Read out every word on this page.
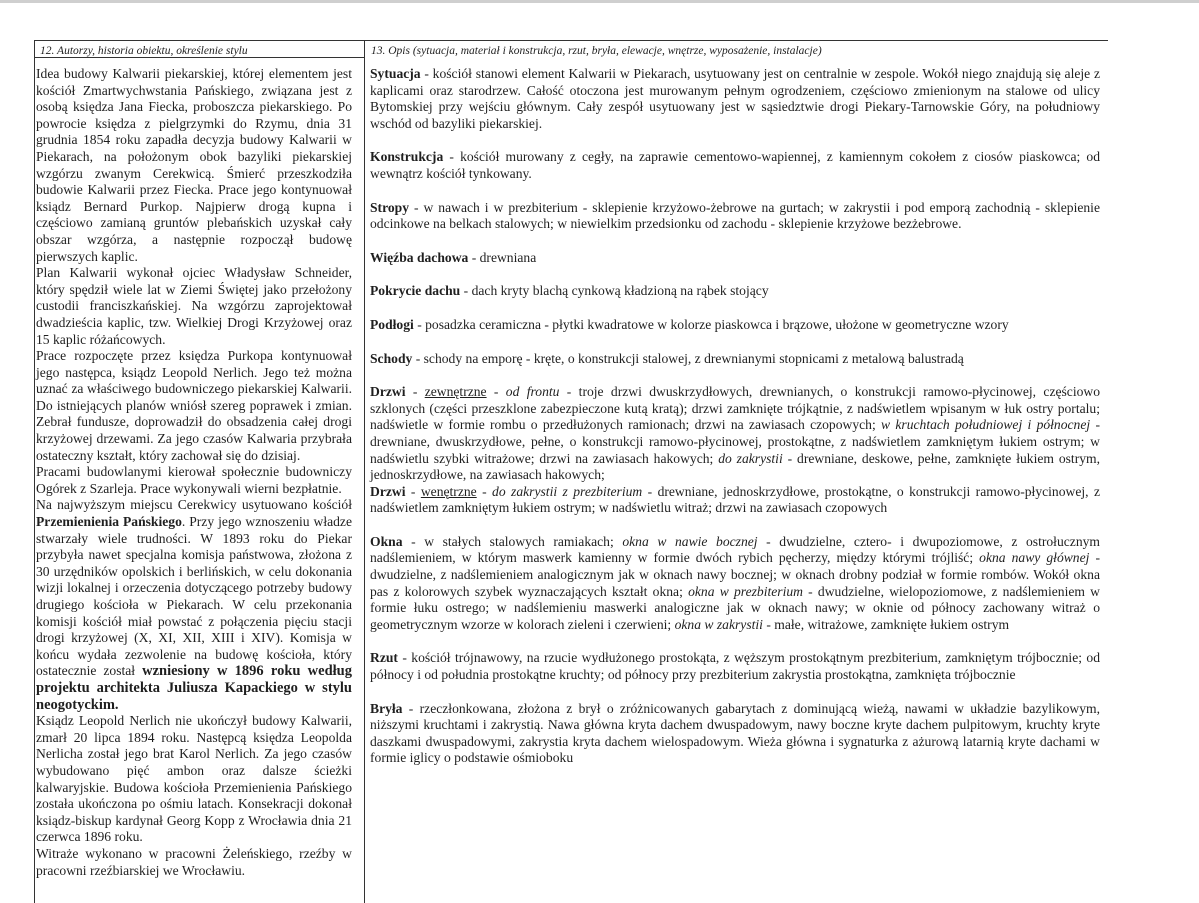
12. Autorzy, historia obiektu, określenie stylu	13. Opis (sytuacja, materiał i konstrukcja, rzut, bryła, elewacje, wnętrze, wyposażenie, instalacje)

Idea budowy Kalwarii piekarskiej, której elementem jest kościół Zmartwychwstania Pańskiego, związana jest z osobą księdza Jana Fiecka, proboszcza piekarskiego. Po powrocie księdza z pielgrzymki do Rzymu, dnia 31 grudnia 1854 roku zapadła decyzja budowy Kalwarii w Piekarach, na położonym obok bazyliki piekarskiej wzgórzu zwanym Cerekwicą. Śmierć przeszkodziła budowie Kalwarii przez Fiecka. Prace jego kontynuował ksiądz Bernard Purkop. Najpierw drogą kupna i częściowo zamianą gruntów plebańskich uzyskał cały obszar wzgórza, a następnie rozpoczął budowę pierwszych kaplic.

Plan Kalwarii wykonał ojciec Władysław Schneider, który spędził wiele lat w Ziemi Świętej jako przełożony custodii franciszkańskiej. Na wzgórzu zaprojektował dwadzieścia kaplic, tzw. Wielkiej Drogi Krzyżowej oraz 15 kaplic różańcowych.

Prace rozpoczęte przez księdza Purkopa kontynuował jego następca, ksiądz Leopold Nerlich. Jego też można uznać za właściwego budowniczego piekarskiej Kalwarii. Do istniejących planów wniósł szereg poprawek i zmian. Zebrał fundusze, doprowadził do obsadzenia całej drogi krzyżowej drzewami. Za jego czasów Kalwaria przybrała ostateczny kształt, który zachował się do dzisiaj.

Pracami budowlanymi kierował społecznie budowniczy Ogórek z Szarleja. Prace wykonywali wierni bezpłatnie.

Na najwyższym miejscu Cerekwicy usytuowano kościół Przemienienia Pańskiego. Przy jego wznoszeniu władze stwarzały wiele trudności. W 1893 roku do Piekar przybyła nawet specjalna komisja państwowa, złożona z 30 urzędników opolskich i berlińskich, w celu dokonania wizji lokalnej i orzeczenia dotyczącego potrzeby budowy drugiego kościoła w Piekarach. W celu przekonania komisji kościół miał powstać z połączenia pięciu stacji drogi krzyżowej (X, XI, XII, XIII i XIV). Komisja w końcu wydała zezwolenie na budowę kościoła, który ostatecznie został wzniesiony w 1896 roku według projektu architekta Juliusza Kapackiego w stylu neogotyckim.

Ksiądz Leopold Nerlich nie ukończył budowy Kalwarii, zmarł 20 lipca 1894 roku. Następcą księdza Leopolda Nerlicha został jego brat Karol Nerlich. Za jego czasów wybudowano pięć ambon oraz dalsze ścieżki kalwaryjskie. Budowa kościoła Przemienienia Pańskiego została ukończona po ośmiu latach. Konsekracji dokonał ksiądz-biskup kardynał Georg Kopp z Wrocławia dnia 21 czerwca 1896 roku.

Witraże wykonano w pracowni Żeleńskiego, rzeźby w pracowni rzeźbiarskiej we Wrocławiu.

Sytuacja - kościół stanowi element Kalwarii w Piekarach, usytuowany jest on centralnie w zespole. Wokół niego znajdują się aleje z kaplicami oraz starodrzew. Całość otoczona jest murowanym pełnym ogrodzeniem, częściowo zmienionym na stalowe od ulicy Bytomskiej przy wejściu głównym. Cały zespół usytuowany jest w sąsiedztwie drogi Piekary-Tarnowskie Góry, na południowy wschód od bazyliki piekarskiej.

Konstrukcja - kościół murowany z cegły, na zaprawie cementowo-wapiennej, z kamiennym cokołem z ciosów piaskowca; od wewnątrz kościół tynkowany.

Stropy - w nawach i w prezbiterium - sklepienie krzyżowo-żebrowe na gurtach; w zakrystii i pod emporą zachodnią - sklepienie odcinkowe na belkach stalowych; w niewielkim przedsionku od zachodu - sklepienie krzyżowe bezżebrowe.

Więźba dachowa - drewniana

Pokrycie dachu - dach kryty blachą cynkową kładzioną na rąbek stojący

Podłogi - posadzka ceramiczna - płytki kwadratowe w kolorze piaskowca i brązowe, ułożone w geometryczne wzory

Schody - schody na emporę - kręte, o konstrukcji stalowej, z drewnianymi stopnicami z metalową balustradą

Drzwi - zewnętrzne - od frontu - troje drzwi dwuskrzydłowych, drewnianych, o konstrukcji ramowo-płycinowej, częściowo szklonych (części przeszklone zabezpieczone kutą kratą); drzwi zamknięte trójkątnie, z nadświetlem wpisanym w łuk ostry portalu; nadświetle w formie rombu o przedłużonych ramionach; drzwi na zawiasach czopowych; w kruchtach południowej i północnej - drewniane, dwuskrzydłowe, pełne, o konstrukcji ramowo-płycinowej, prostokątne, z nadświetlem zamkniętym łukiem ostrym; w nadświetlu szybki witrażowe; drzwi na zawiasach hakowych; do zakrystii - drewniane, deskowe, pełne, zamknięte łukiem ostrym, jednoskrzydłowe, na zawiasach hakowych;

Drzwi - wenętrzne - do zakrystii z prezbiterium - drewniane, jednoskrzydłowe, prostokątne, o konstrukcji ramowo-płycinowej, z nadświetlem zamkniętym łukiem ostrym; w nadświetlu witraż; drzwi na zawiasach czopowych

Okna - w stałych stalowych ramiakach; okna w nawie bocznej - dwudzielne, cztero- i dwupoziomowe, z ostrołucznym nadślemieniem, w którym maswerk kamienny w formie dwóch rybich pęcherzy, między którymi trójliść; okna nawy głównej - dwudzielne, z nadślemieniem analogicznym jak w oknach nawy bocznej; w oknach drobny podział w formie rombów. Wokół okna pas z kolorowych szybek wyznaczających kształt okna; okna w prezbiterium - dwudzielne, wielopoziomowe, z nadślemieniem w formie łuku ostrego; w nadślemieniu maswerki analogiczne jak w oknach nawy; w oknie od północy zachowany witraż o geometrycznym wzorze w kolorach zieleni i czerwieni; okna w zakrystii - małe, witrażowe, zamknięte łukiem ostrym

Rzut - kościół trójnawowy, na rzucie wydłużonego prostokąta, z węższym prostokątnym prezbiterium, zamkniętym trójbocznie; od północy i od południa prostokątne kruchty; od północy przy prezbiterium zakrystia prostokątna, zamknięta trójbocznie

Bryła - rzeczłonkowana, złożona z brył o zróżnicowanych gabarytach z dominującą wieżą, nawami w układzie bazylikowym, niższymi kruchtami i zakrystią. Nawa główna kryta dachem dwuspadowym, nawy boczne kryte dachem pulpitowym, kruchty kryte daszkami dwuspadowymi, zakrystia kryta dachem wielospadowym. Wieża główna i sygnaturka z ażurową latarnią kryte dachami w formie iglicy o podstawie ośmioboku
